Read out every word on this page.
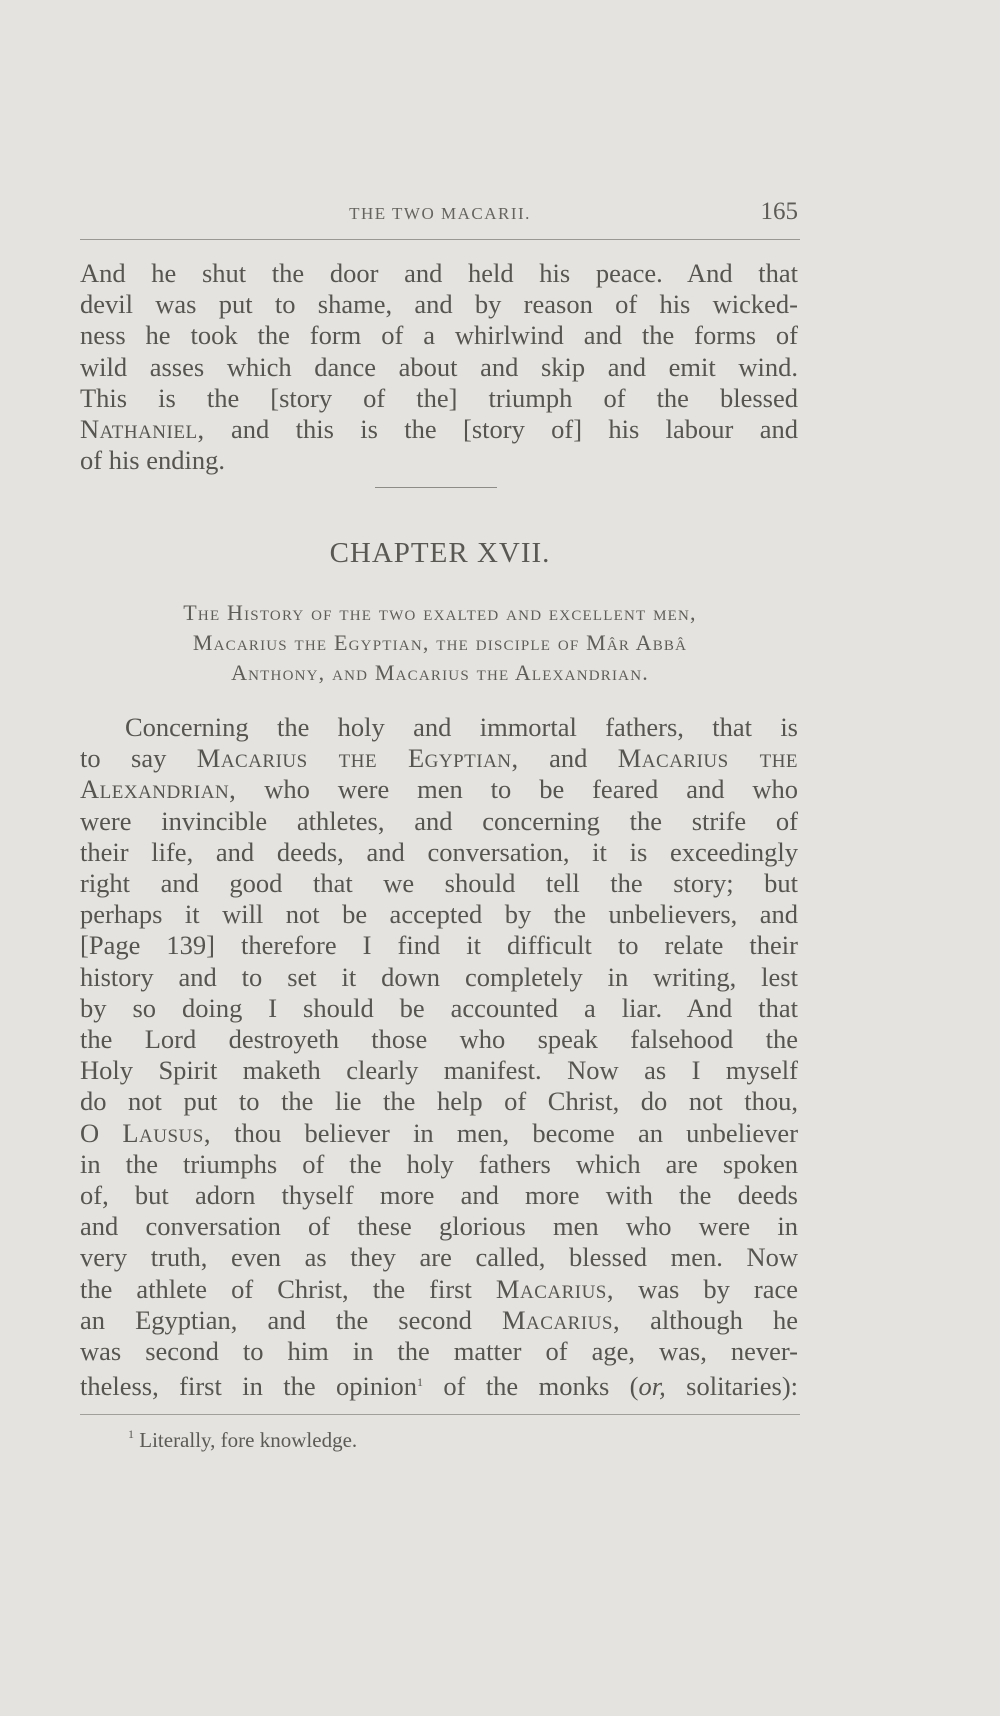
THE TWO MACARII.	165
And he shut the door and held his peace. And that
devil was put to shame, and by reason of his wicked-
ness he took the form of a whirlwind and the forms of
wild asses which dance about and skip and emit wind.
This is the [story of the] triumph of the blessed
Nathaniel, and this is the [story of] his labour and
of his ending.
CHAPTER XVII.
The History of the two exalted and excellent men,
Macarius the Egyptian, the disciple of Mâr Abbâ
Anthony, and Macarius the Alexandrian.
Concerning the holy and immortal fathers, that is
to say Macarius the Egyptian, and Macarius the
Alexandrian, who were men to be feared and who
were invincible athletes, and concerning the strife of
their life, and deeds, and conversation, it is exceedingly
right and good that we should tell the story; but
perhaps it will not be accepted by the unbelievers, and
[Page 139] therefore I find it difficult to relate their
history and to set it down completely in writing, lest
by so doing I should be accounted a liar. And that
the Lord destroyeth those who speak falsehood the
Holy Spirit maketh clearly manifest. Now as I myself
do not put to the lie the help of Christ, do not thou,
O Lausus, thou believer in men, become an unbeliever
in the triumphs of the holy fathers which are spoken
of, but adorn thyself more and more with the deeds
and conversation of these glorious men who were in
very truth, even as they are called, blessed men. Now
the athlete of Christ, the first Macarius, was by race
an Egyptian, and the second Macarius, although he
was second to him in the matter of age, was, never-
theless, first in the opinion$^1$ of the monks (or, solitaries):
$^1$ Literally, fore knowledge.
